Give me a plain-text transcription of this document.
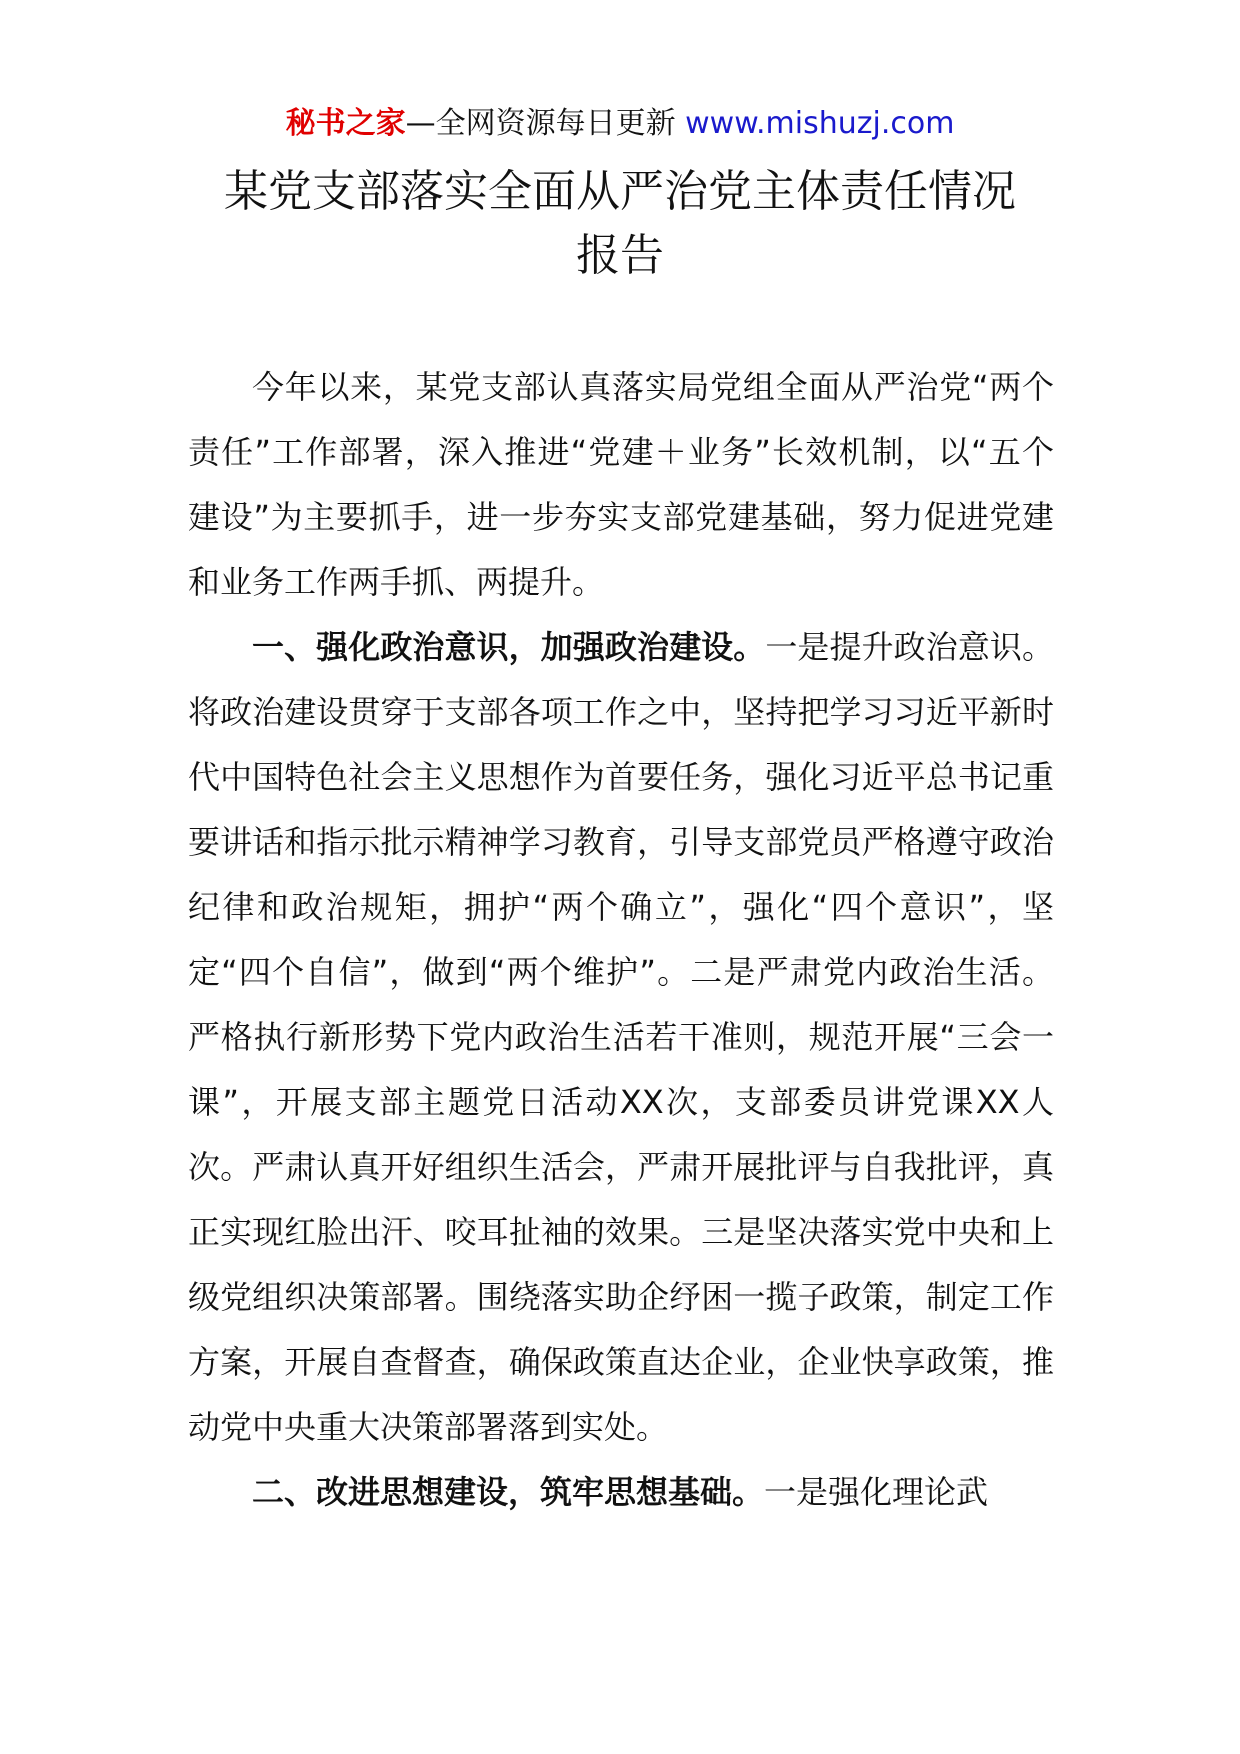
秘书之家—全网资源每日更新 www.mishuzj.com
某党支部落实全面从严治党主体责任情况
报告

今年以来，某党支部认真落实局党组全面从严治党“两个责任”工作部署，深入推进“党建＋业务”长效机制，以“五个建设”为主要抓手，进一步夯实支部党建基础，努力促进党建和业务工作两手抓、两提升。

一、强化政治意识，加强政治建设。一是提升政治意识。将政治建设贯穿于支部各项工作之中，坚持把学习习近平新时代中国特色社会主义思想作为首要任务，强化习近平总书记重要讲话和指示批示精神学习教育，引导支部党员严格遵守政治纪律和政治规矩，拥护“两个确立”，强化“四个意识”，坚定“四个自信”，做到“两个维护”。二是严肃党内政治生活。严格执行新形势下党内政治生活若干准则，规范开展“三会一课”，开展支部主题党日活动XX次，支部委员讲党课XX人次。严肃认真开好组织生活会，严肃开展批评与自我批评，真正实现红脸出汗、咬耳扯袖的效果。三是坚决落实党中央和上级党组织决策部署。围绕落实助企纾困一揽子政策，制定工作方案，开展自查督查，确保政策直达企业，企业快享政策，推动党中央重大决策部署落到实处。

二、改进思想建设，筑牢思想基础。一是强化理论武
